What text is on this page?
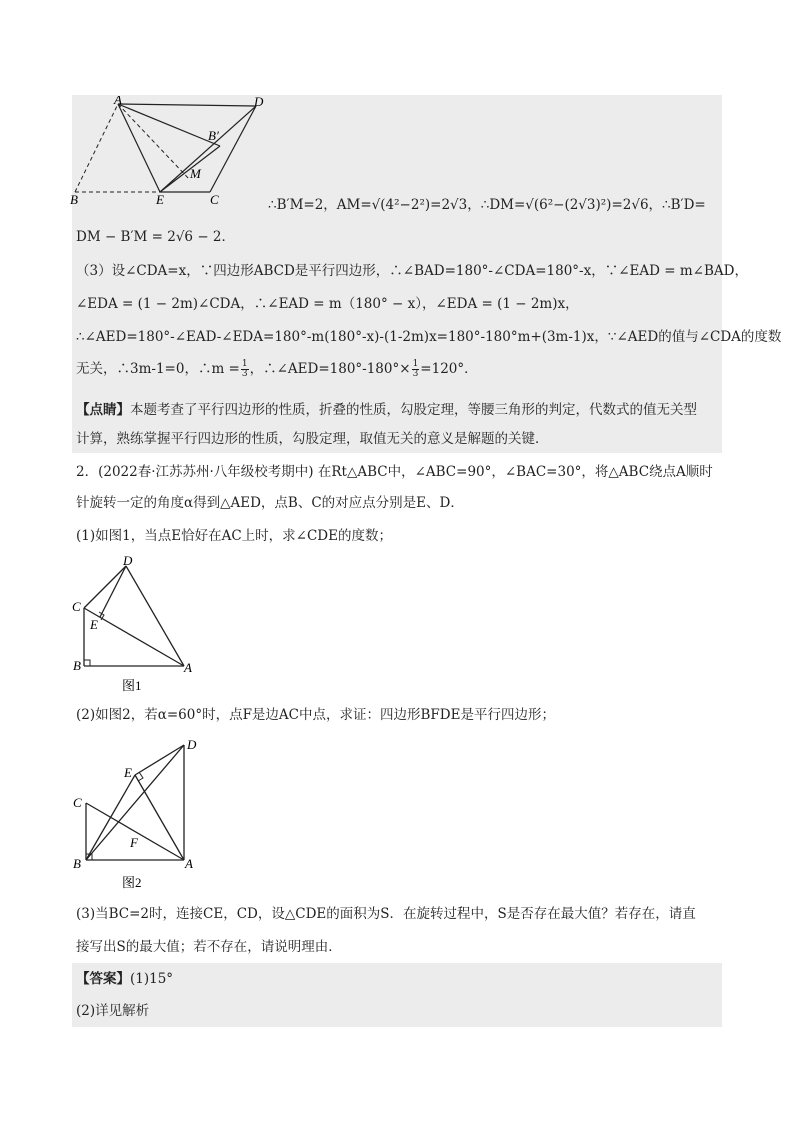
A	D
B′
M
B	E	C	∴B′M=2，AM=√(4²−2²)=2√3，∴DM=√(6²−(2√3)²)=2√6，∴B′D=
DM − B′M = 2√6 − 2．
（3）设∠CDA=x，∵四边形ABCD是平行四边形，∴∠BAD=180°-∠CDA=180°-x，∵∠EAD = m∠BAD，
∠EDA = (1 − 2m)∠CDA，∴∠EAD = m（180° − x），∠EDA = (1 − 2m)x，
∴∠AED=180°-∠EAD-∠EDA=180°-m(180°-x)-(1-2m)x=180°-180°m+(3m-1)x，∵∠AED的值与∠CDA的度数
无关，∴3m-1=0，∴m = $\frac{1}{3}$ ，∴∠AED=180°-180°× $\frac{1}{3} =120^\circ$．
【点睛】本题考查了平行四边形的性质，折叠的性质，勾股定理，等腰三角形的判定，代数式的值无关型
计算，熟练掌握平行四边形的性质，勾股定理，取值无关的意义是解题的关键．
2．(2022春·江苏苏州·八年级校考期中) 在Rt△ABC中，∠ABC=90°，∠BAC=30°，将△ABC绕点A顺时
针旋转一定的角度α得到△AED，点B、C的对应点分别是E、D．
(1)如图1，当点E恰好在AC上时，求∠CDE的度数；
D
C
E
B	A
图1
(2)如图2，若α=60°时，点F是边AC中点，求证：四边形BFDE是平行四边形；
D
E
C
F
B	A
图2
(3)当BC=2时，连接CE，CD，设△CDE的面积为S．在旋转过程中，S是否存在最大值？若存在，请直
接写出S的最大值；若不存在，请说明理由．
【答案】(1)15°
(2)详见解析
